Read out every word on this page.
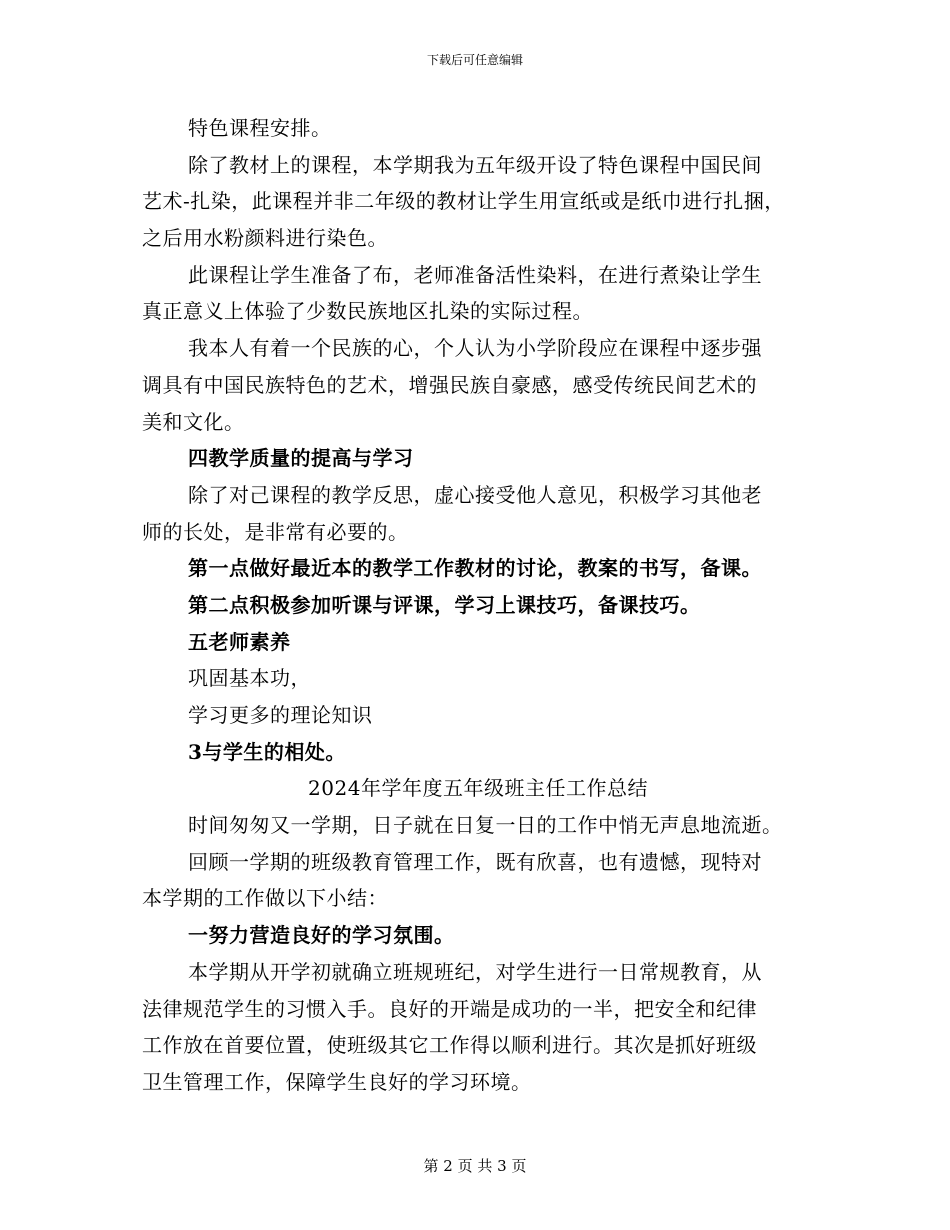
下载后可任意编辑
特色课程安排。
除了教材上的课程，本学期我为五年级开设了特色课程中国民间
艺术-扎染，此课程并非二年级的教材让学生用宣纸或是纸巾进行扎捆，
之后用水粉颜料进行染色。
此课程让学生准备了布，老师准备活性染料，在进行煮染让学生
真正意义上体验了少数民族地区扎染的实际过程。
我本人有着一个民族的心，个人认为小学阶段应在课程中逐步强
调具有中国民族特色的艺术，增强民族自豪感，感受传统民间艺术的
美和文化。
四教学质量的提高与学习
除了对己课程的教学反思，虚心接受他人意见，积极学习其他老
师的长处，是非常有必要的。
第一点做好最近本的教学工作教材的讨论，教案的书写，备课。
第二点积极参加听课与评课，学习上课技巧，备课技巧。
五老师素养
巩固基本功，
学习更多的理论知识
3与学生的相处。
2024年学年度五年级班主任工作总结
时间匆匆又一学期，日子就在日复一日的工作中悄无声息地流逝。
回顾一学期的班级教育管理工作，既有欣喜，也有遗憾，现特对
本学期的工作做以下小结：
一努力营造良好的学习氛围。
本学期从开学初就确立班规班纪，对学生进行一日常规教育，从
法律规范学生的习惯入手。良好的开端是成功的一半，把安全和纪律
工作放在首要位置，使班级其它工作得以顺利进行。其次是抓好班级
卫生管理工作，保障学生良好的学习环境。
第 2 页 共 3 页
